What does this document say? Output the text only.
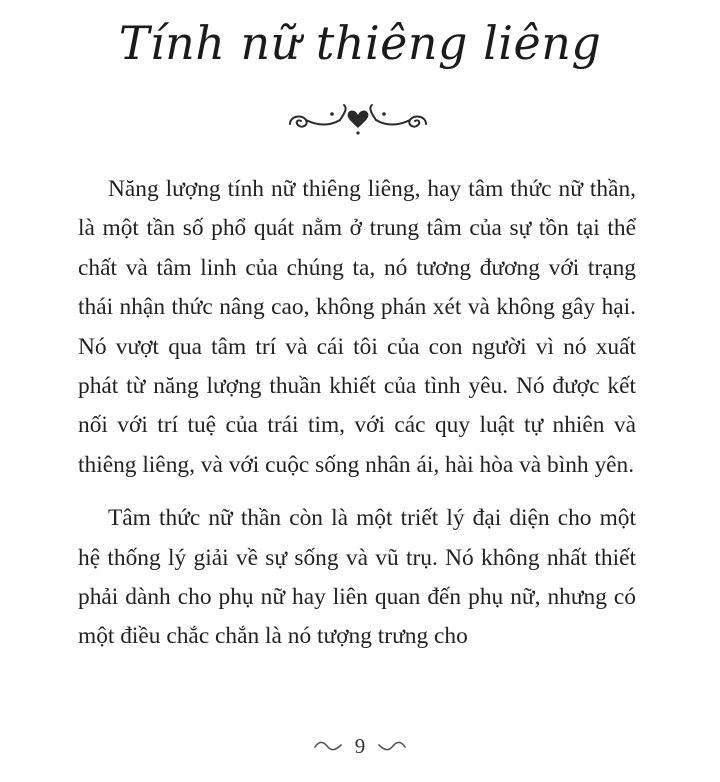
Tính nữ thiêng liêng

Năng lượng tính nữ thiêng liêng, hay tâm thức nữ thần, là một tần số phổ quát nằm ở trung tâm của sự tồn tại thể chất và tâm linh của chúng ta, nó tương đương với trạng thái nhận thức nâng cao, không phán xét và không gây hại. Nó vượt qua tâm trí và cái tôi của con người vì nó xuất phát từ năng lượng thuần khiết của tình yêu. Nó được kết nối với trí tuệ của trái tim, với các quy luật tự nhiên và thiêng liêng, và với cuộc sống nhân ái, hài hòa và bình yên.

Tâm thức nữ thần còn là một triết lý đại diện cho một hệ thống lý giải về sự sống và vũ trụ. Nó không nhất thiết phải dành cho phụ nữ hay liên quan đến phụ nữ, nhưng có một điều chắc chắn là nó tượng trưng cho

9
